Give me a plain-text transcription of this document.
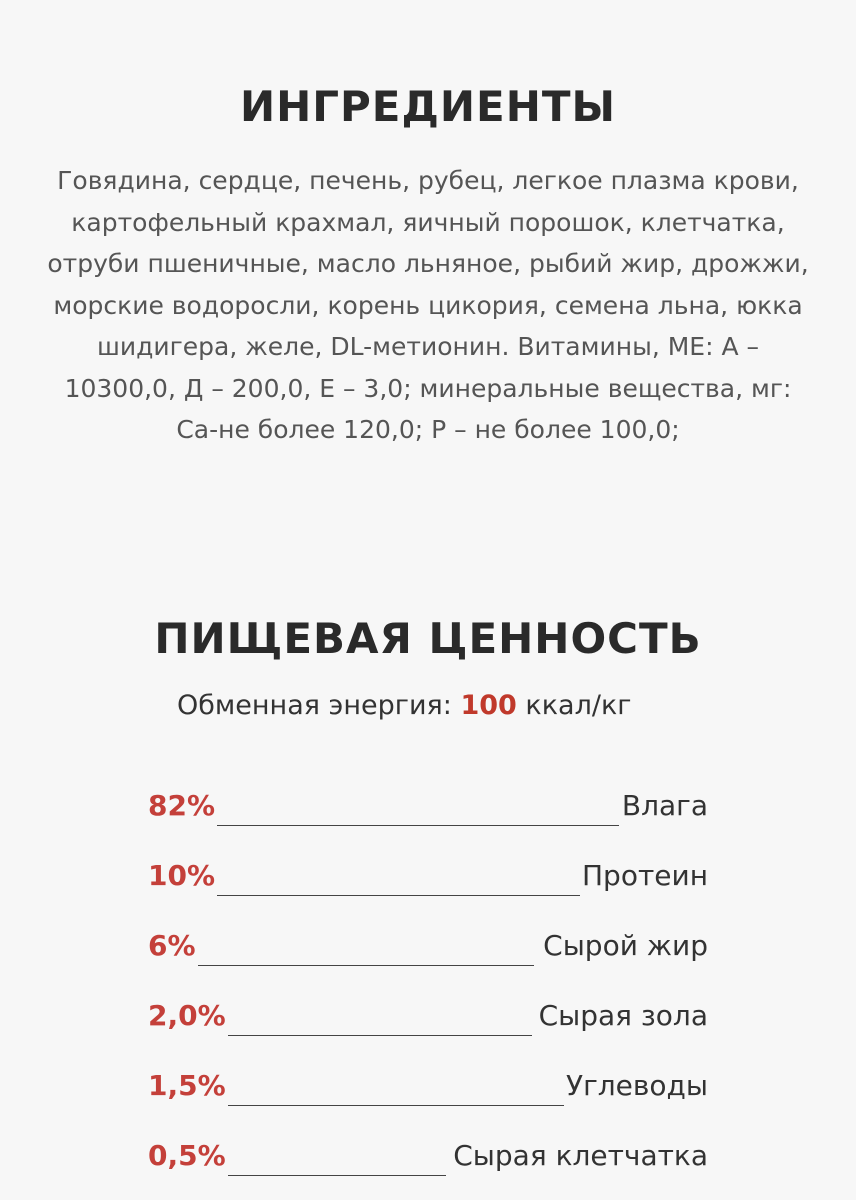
ИНГРЕДИЕНТЫ
Говядина, сердце, печень, рубец, легкое плазма крови,
картофельный крахмал, яичный порошок, клетчатка,
отруби пшеничные, масло льняное, рыбий жир, дрожжи,
морские водоросли, корень цикория, семена льна, юкка
шидигера, желе, DL-метионин. Витамины, МЕ: А –
10300,0, Д – 200,0, Е – 3,0; минеральные вещества, мг:
Са-не более 120,0; Р – не более 100,0;
ПИЩЕВАЯ ЦЕННОСТЬ
Обменная энергия: 100 ккал/кг
82%	Влага
10%	Протеин
6%	Сырой жир
2,0%	Сырая зола
1,5%	Углеводы
0,5%	Сырая клетчатка
